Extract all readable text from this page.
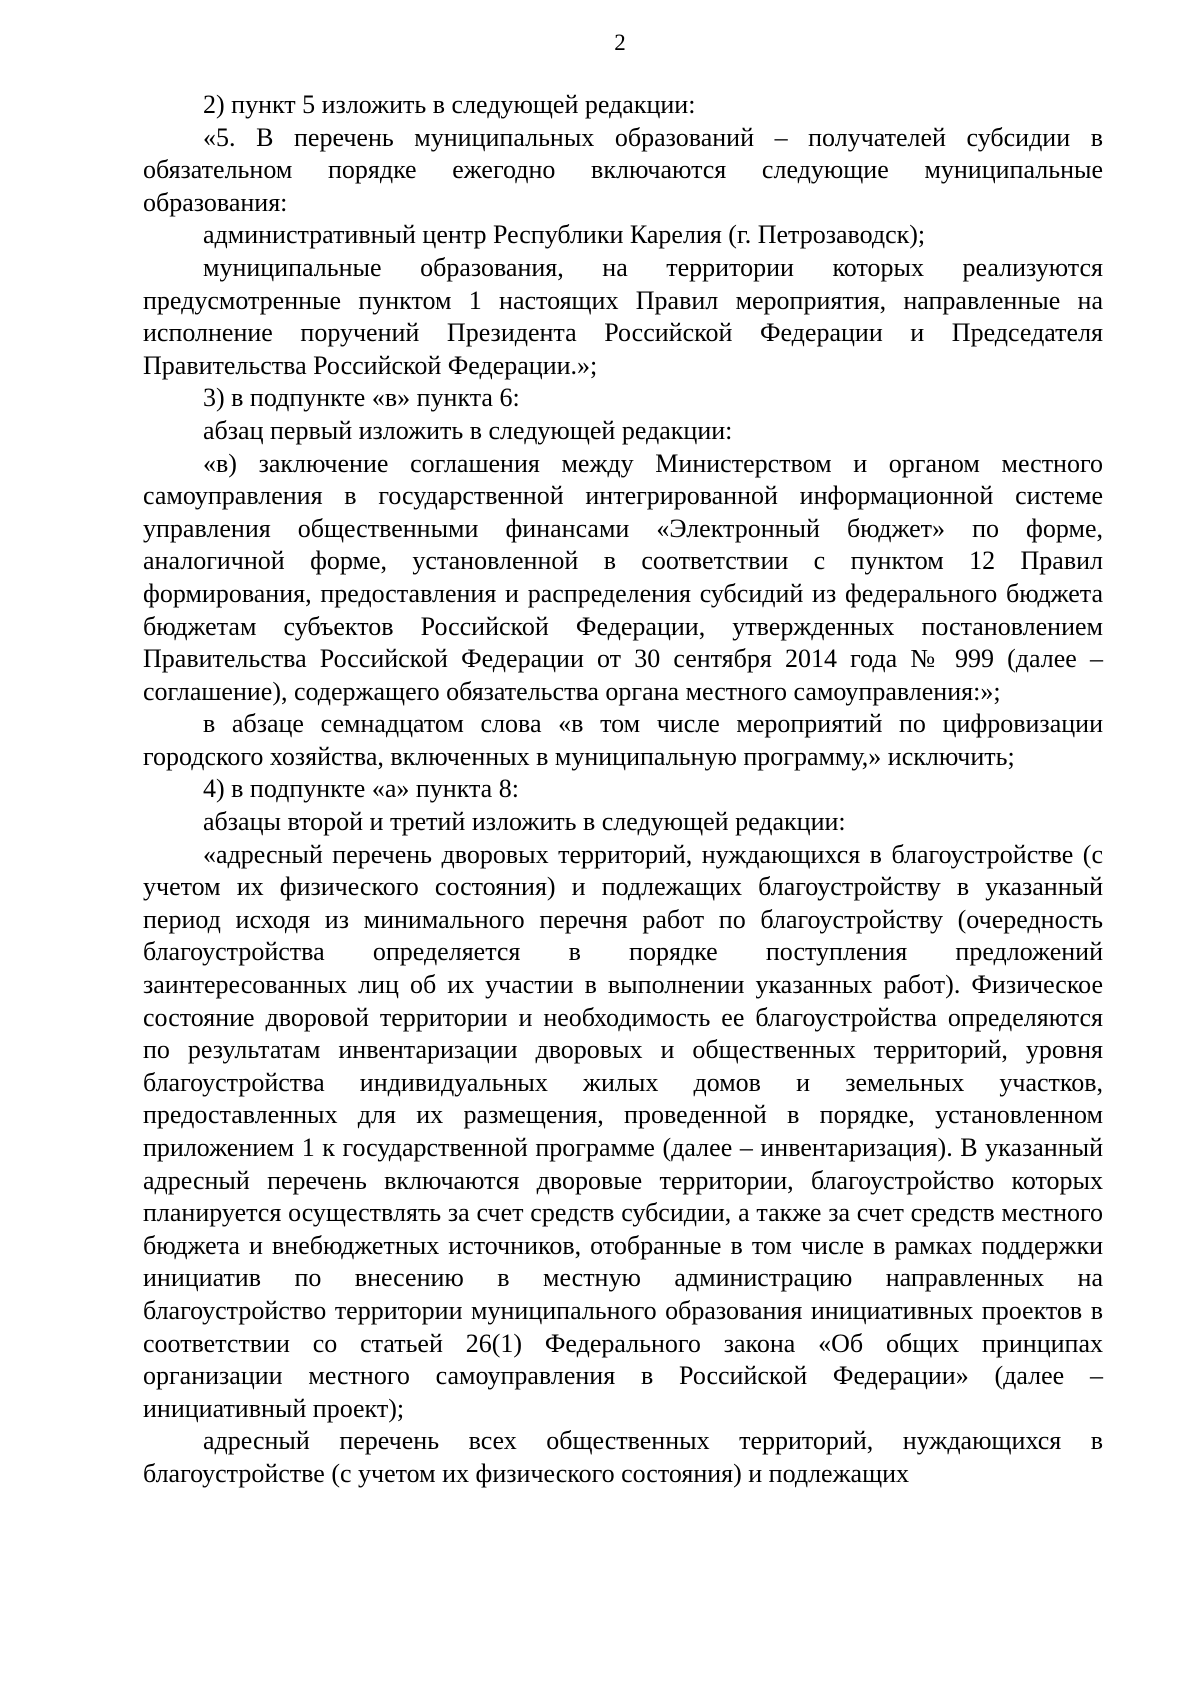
2

2) пункт 5 изложить в следующей редакции:

«5. В перечень муниципальных образований – получателей субсидии в обязательном порядке ежегодно включаются следующие муниципальные образования:

административный центр Республики Карелия (г. Петрозаводск);

муниципальные образования, на территории которых реализуются предусмотренные пунктом 1 настоящих Правил мероприятия, направленные на исполнение поручений Президента Российской Федерации и Председателя Правительства Российской Федерации.»;

3) в подпункте «в» пункта 6:

абзац первый изложить в следующей редакции:

«в) заключение соглашения между Министерством и органом местного самоуправления в государственной интегрированной информационной системе управления общественными финансами «Электронный бюджет» по форме, аналогичной форме, установленной в соответствии с пунктом 12 Правил формирования, предоставления и распределения субсидий из федерального бюджета бюджетам субъектов Российской Федерации, утвержденных постановлением Правительства Российской Федерации от 30 сентября 2014 года № 999 (далее – соглашение), содержащего обязательства органа местного самоуправления:»;

в абзаце семнадцатом слова «в том числе мероприятий по цифровизации городского хозяйства, включенных в муниципальную программу,» исключить;

4) в подпункте «а» пункта 8:

абзацы второй и третий изложить в следующей редакции:

«адресный перечень дворовых территорий, нуждающихся в благоустройстве (с учетом их физического состояния) и подлежащих благоустройству в указанный период исходя из минимального перечня работ по благоустройству (очередность благоустройства определяется в порядке поступления предложений заинтересованных лиц об их участии в выполнении указанных работ). Физическое состояние дворовой территории и необходимость ее благоустройства определяются по результатам инвентаризации дворовых и общественных территорий, уровня благоустройства индивидуальных жилых домов и земельных участков, предоставленных для их размещения, проведенной в порядке, установленном приложением 1 к государственной программе (далее – инвентаризация). В указанный адресный перечень включаются дворовые территории, благоустройство которых планируется осуществлять за счет средств субсидии, а также за счет средств местного бюджета и внебюджетных источников, отобранные в том числе в рамках поддержки инициатив по внесению в местную администрацию направленных на благоустройство территории муниципального образования инициативных проектов в соответствии со статьей 26(1) Федерального закона «Об общих принципах организации местного самоуправления в Российской Федерации» (далее – инициативный проект);

адресный перечень всех общественных территорий, нуждающихся в благоустройстве (с учетом их физического состояния) и подлежащих
